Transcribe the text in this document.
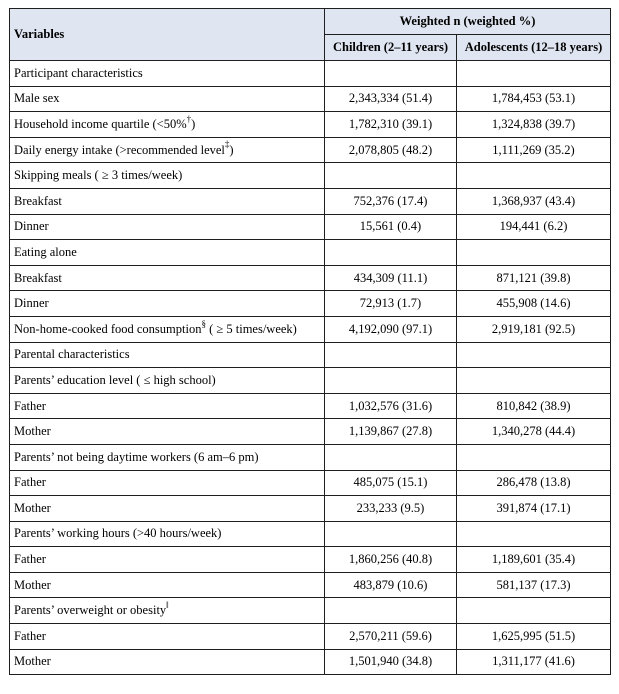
Variables	Weighted n (weighted %)	
	Children (2–11 years)	Adolescents (12–18 years)
Participant characteristics		
Male sex	2,343,334 (51.4)	1,784,453 (53.1)
Household income quartile (<50%†)	1,782,310 (39.1)	1,324,838 (39.7)
Daily energy intake (>recommended level‡)	2,078,805 (48.2)	1,111,269 (35.2)
Skipping meals ( ≥ 3 times/week)		
Breakfast	752,376 (17.4)	1,368,937 (43.4)
Dinner	15,561 (0.4)	194,441 (6.2)
Eating alone		
Breakfast	434,309 (11.1)	871,121 (39.8)
Dinner	72,913 (1.7)	455,908 (14.6)
Non-home-cooked food consumption§ ( ≥ 5 times/week)	4,192,090 (97.1)	2,919,181 (92.5)
Parental characteristics		
Parents’ education level ( ≤ high school)		
Father	1,032,576 (31.6)	810,842 (38.9)
Mother	1,139,867 (27.8)	1,340,278 (44.4)
Parents’ not being daytime workers (6 am–6 pm)		
Father	485,075 (15.1)	286,478 (13.8)
Mother	233,233 (9.5)	391,874 (17.1)
Parents’ working hours (>40 hours/week)		
Father	1,860,256 (40.8)	1,189,601 (35.4)
Mother	483,879 (10.6)	581,137 (17.3)
Parents’ overweight or obesity‖		
Father	2,570,211 (59.6)	1,625,995 (51.5)
Mother	1,501,940 (34.8)	1,311,177 (41.6)
